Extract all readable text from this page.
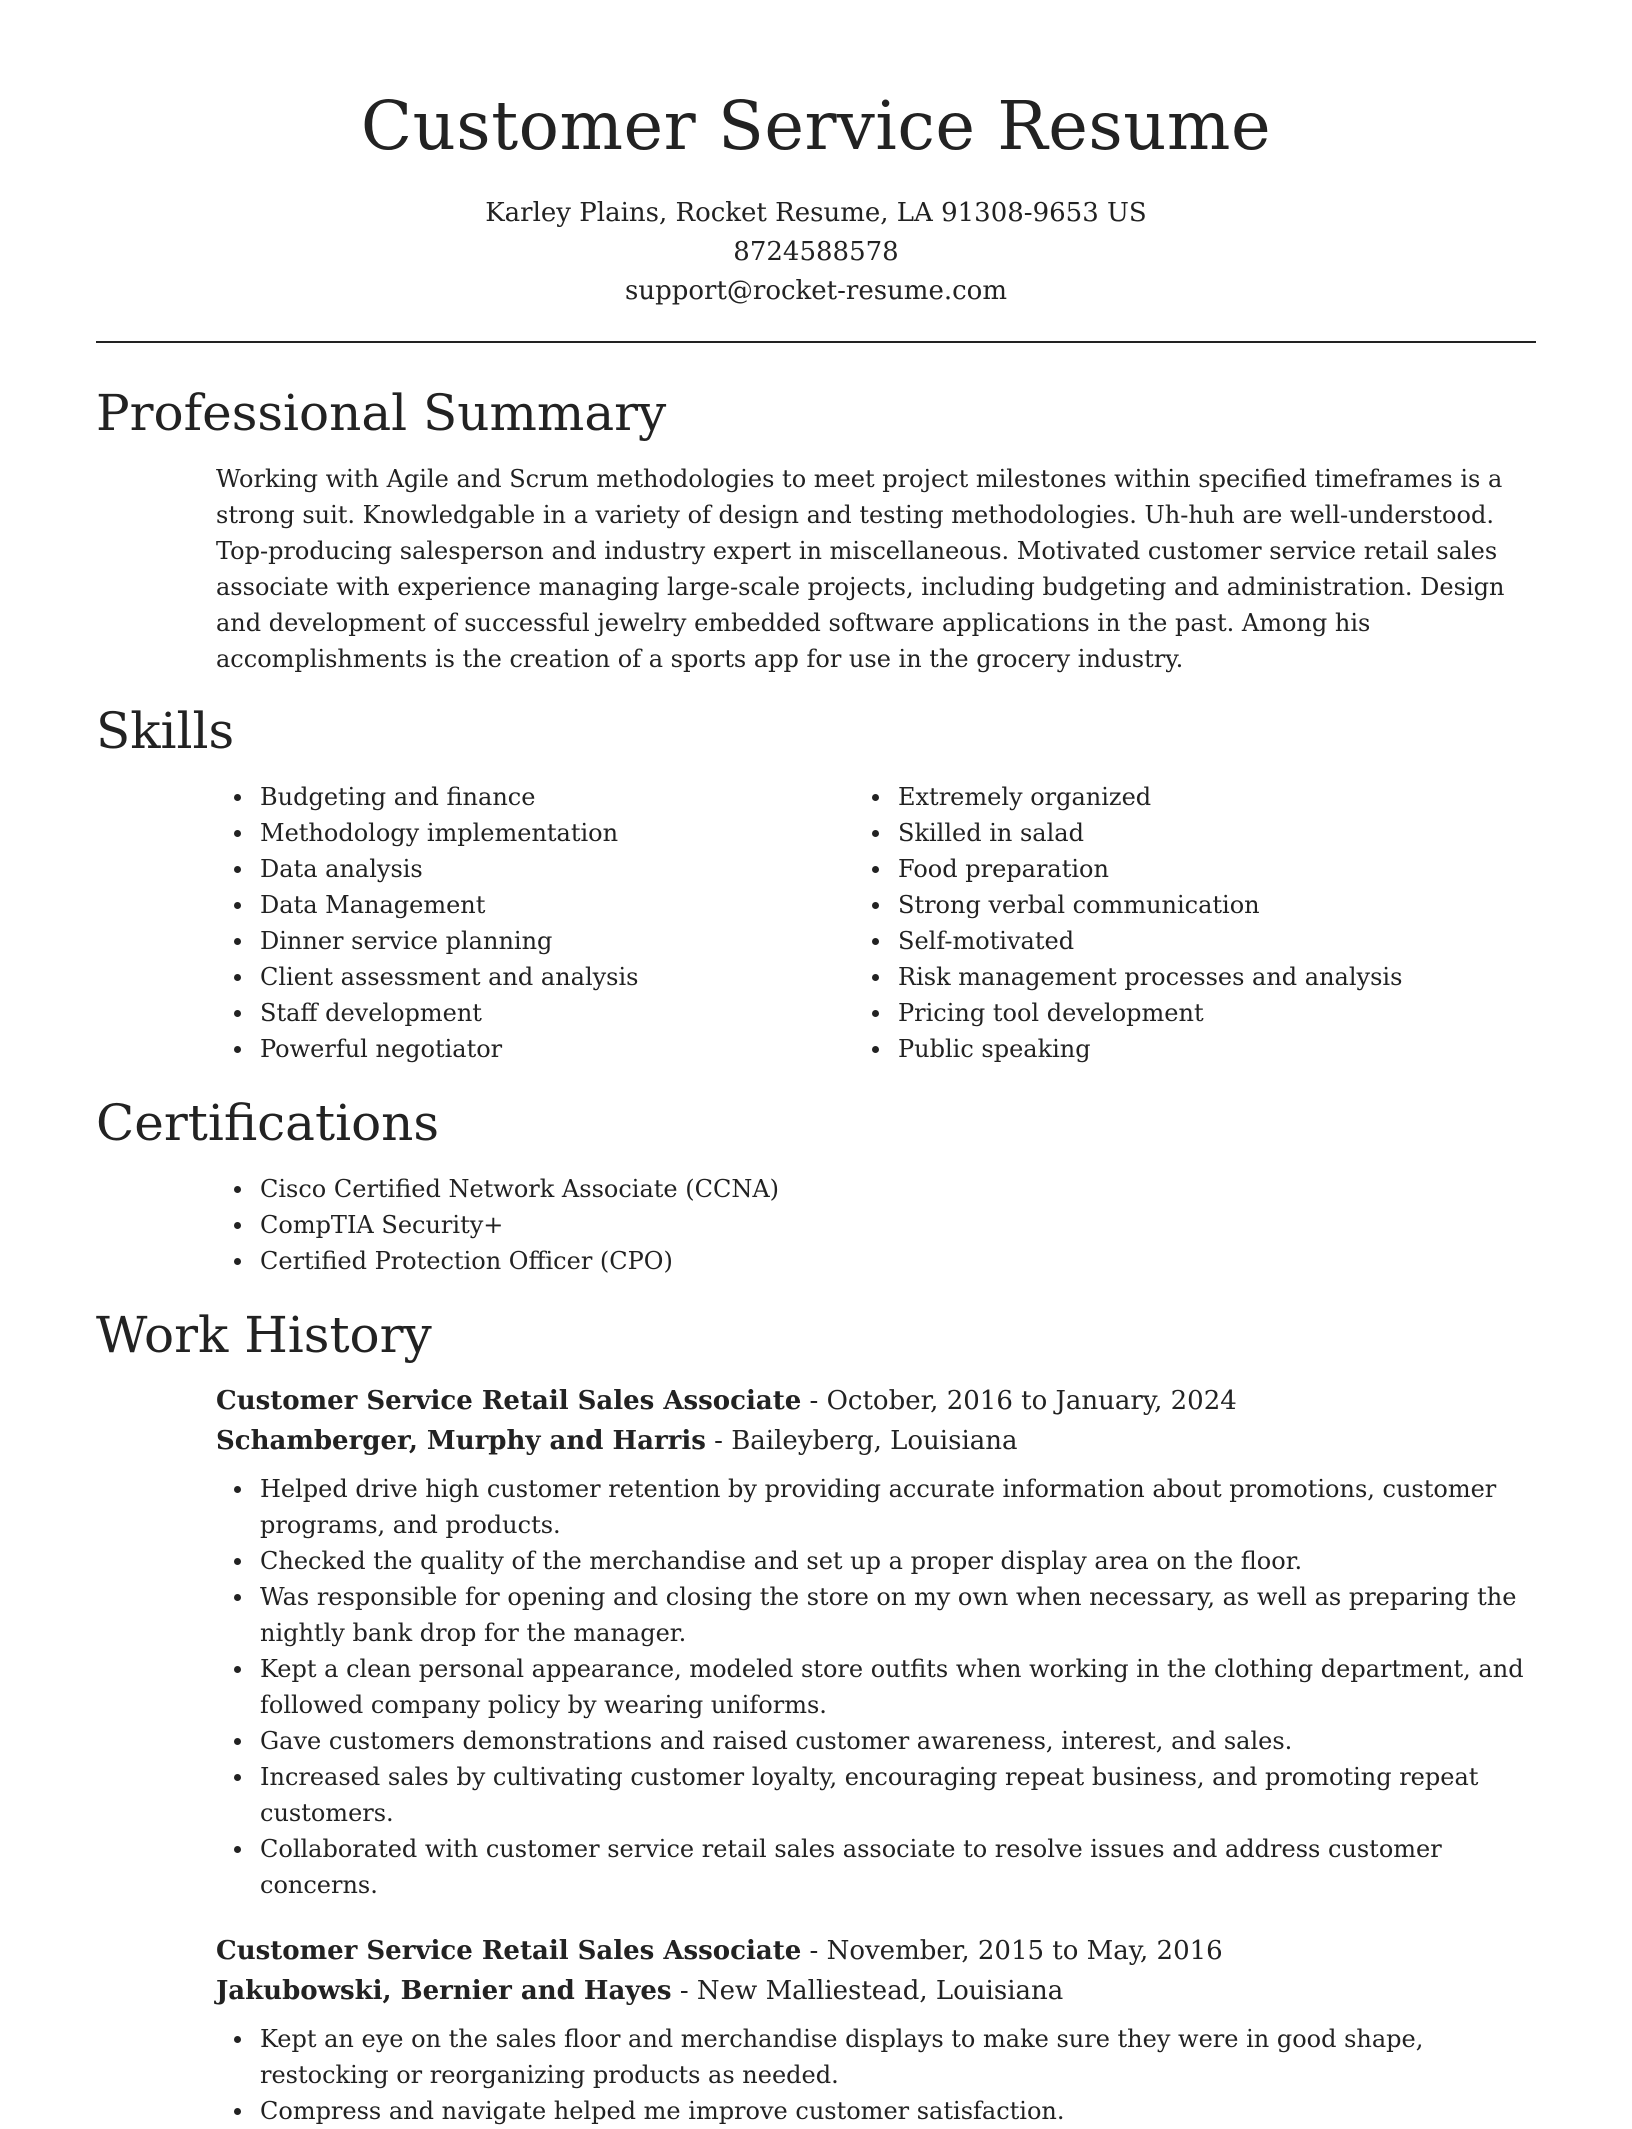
Customer Service Resume
Karley Plains, Rocket Resume, LA 91308-9653 US
8724588578
support@rocket-resume.com
Professional Summary

Working with Agile and Scrum methodologies to meet project milestones within specified timeframes is a strong suit. Knowledgable in a variety of design and testing methodologies. Uh-huh are well-understood. Top-producing salesperson and industry expert in miscellaneous. Motivated customer service retail sales associate with experience managing large-scale projects, including budgeting and administration. Design and development of successful jewelry embedded software applications in the past. Among his accomplishments is the creation of a sports app for use in the grocery industry.

Skills
Budgeting and finance
Methodology implementation
Data analysis
Data Management
Dinner service planning
Client assessment and analysis
Staff development
Powerful negotiator
Extremely organized
Skilled in salad
Food preparation
Strong verbal communication
Self-motivated
Risk management processes and analysis
Pricing tool development
Public speaking
Certifications
Cisco Certified Network Associate (CCNA)
CompTIA Security+
Certified Protection Officer (CPO)
Work History
Customer Service Retail Sales Associate - October, 2016 to January, 2024
Schamberger, Murphy and Harris - Baileyberg, Louisiana
Helped drive high customer retention by providing accurate information about promotions, customer programs, and products.
Checked the quality of the merchandise and set up a proper display area on the floor.
Was responsible for opening and closing the store on my own when necessary, as well as preparing the nightly bank drop for the manager.
Kept a clean personal appearance, modeled store outfits when working in the clothing department, and followed company policy by wearing uniforms.
Gave customers demonstrations and raised customer awareness, interest, and sales.
Increased sales by cultivating customer loyalty, encouraging repeat business, and promoting repeat customers.
Collaborated with customer service retail sales associate to resolve issues and address customer concerns.
Customer Service Retail Sales Associate - November, 2015 to May, 2016
Jakubowski, Bernier and Hayes - New Malliestead, Louisiana
Kept an eye on the sales floor and merchandise displays to make sure they were in good shape, restocking or reorganizing products as needed.
Compress and navigate helped me improve customer satisfaction.
